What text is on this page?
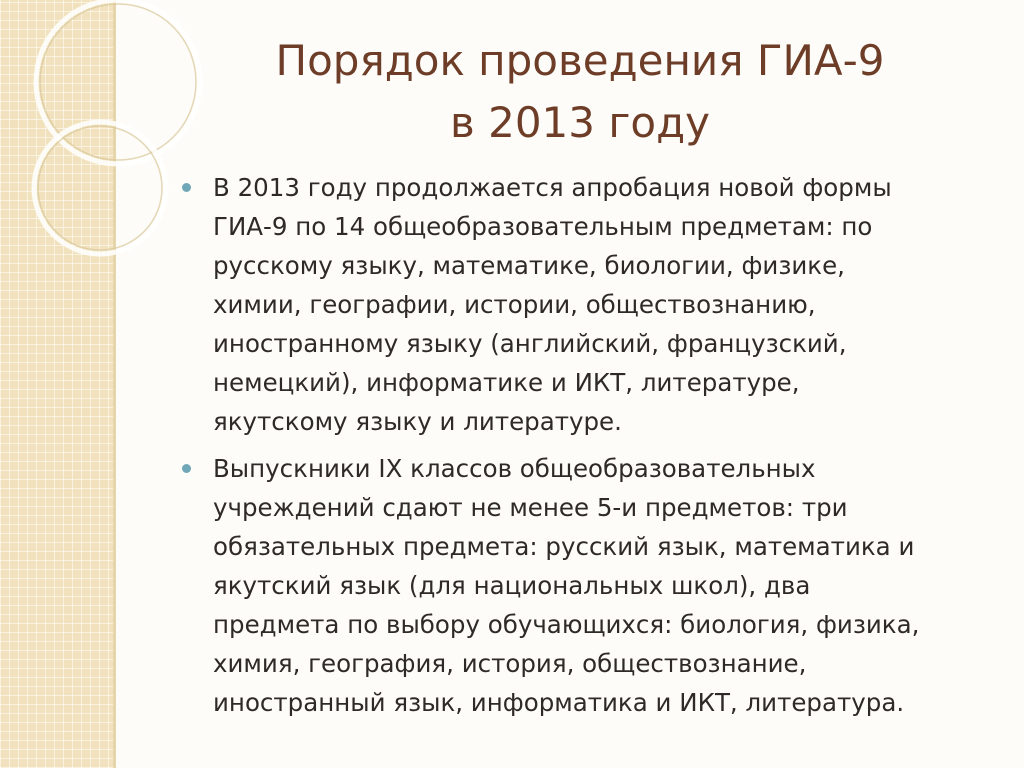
Порядок проведения ГИА-9
в 2013 году
В 2013 году продолжается апробация новой формы
ГИА-9 по 14 общеобразовательным предметам: по
русскому языку, математике, биологии, физике,
химии, географии, истории, обществознанию,
иностранному языку (английский, французский,
немецкий), информатике и ИКТ, литературе,
якутскому языку и литературе.
Выпускники IX классов общеобразовательных
учреждений сдают не менее 5-и предметов: три
обязательных предмета: русский язык, математика и
якутский язык (для национальных школ), два
предмета по выбору обучающихся: биология, физика,
химия, география, история, обществознание,
иностранный язык, информатика и ИКТ, литература.
